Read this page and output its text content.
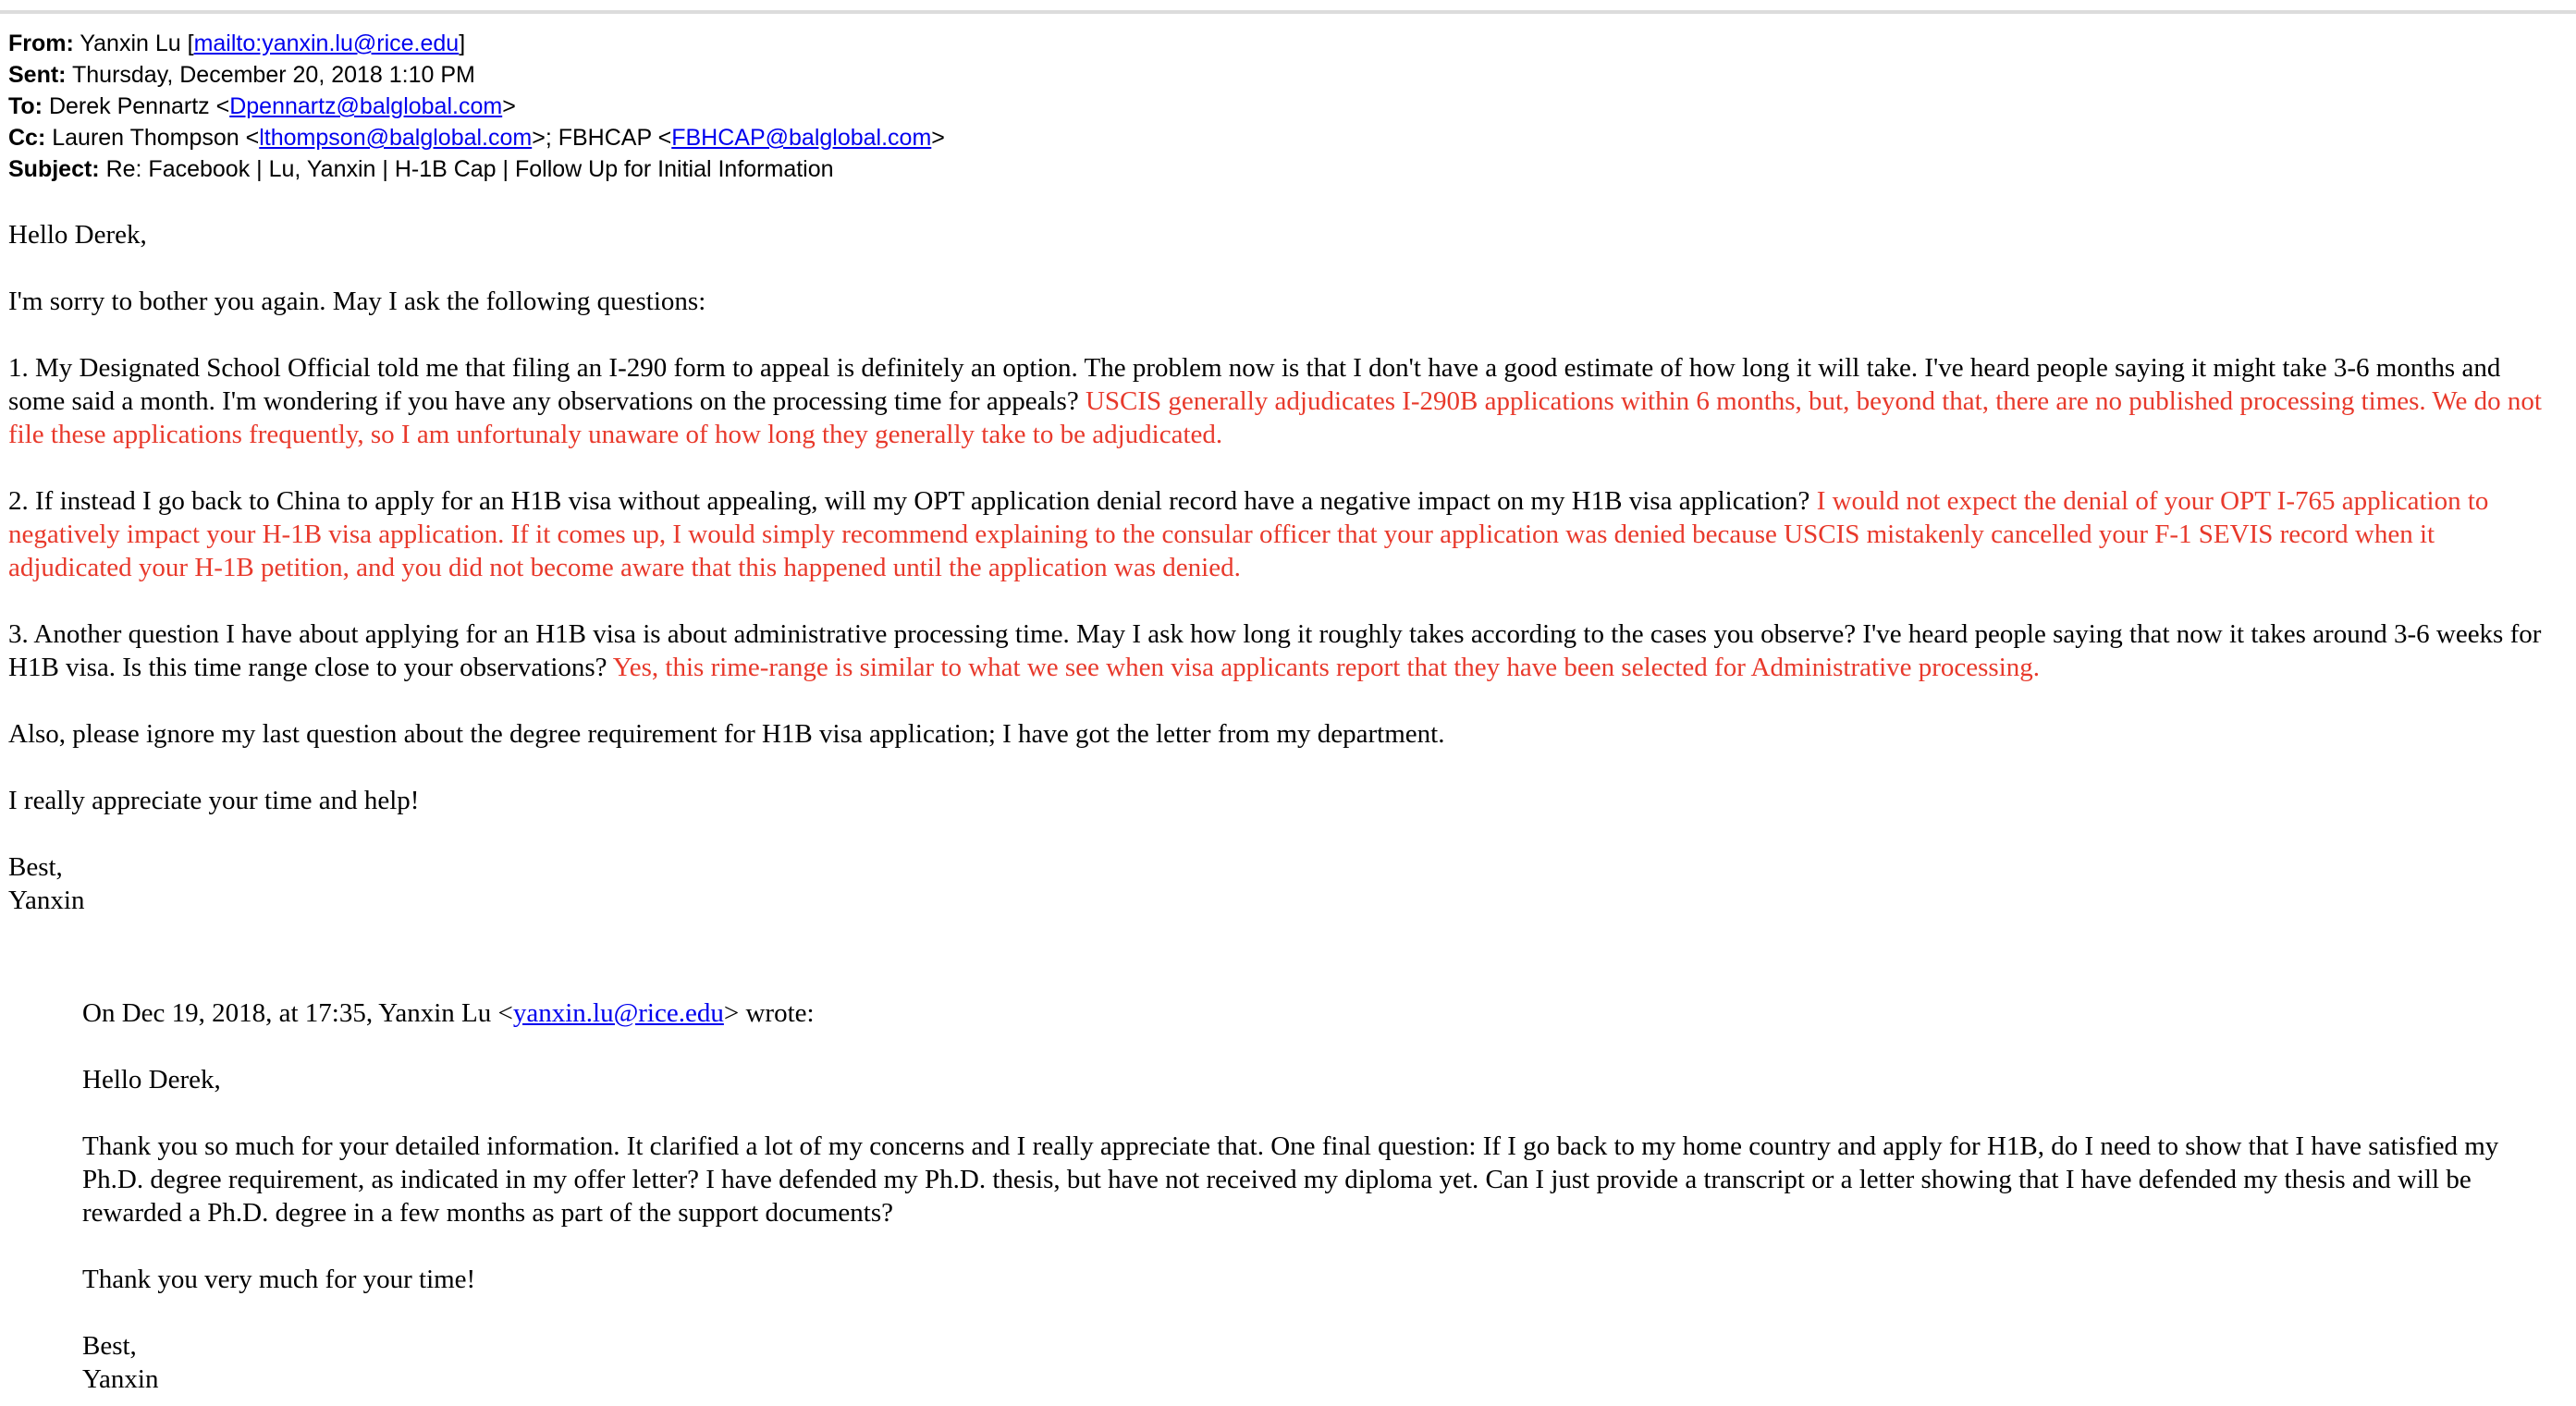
From: Yanxin Lu [mailto:yanxin.lu@rice.edu]
Sent: Thursday, December 20, 2018 1:10 PM
To: Derek Pennartz <Dpennartz@balglobal.com>
Cc: Lauren Thompson <lthompson@balglobal.com>; FBHCAP <FBHCAP@balglobal.com>
Subject: Re: Facebook | Lu, Yanxin | H-1B Cap | Follow Up for Initial Information

Hello Derek,

I'm sorry to bother you again. May I ask the following questions:

1. My Designated School Official told me that filing an I-290 form to appeal is definitely an option. The problem now is that I don't have a good estimate of how long it will take. I've heard people saying it might take 3-6 months and some said a month. I'm wondering if you have any observations on the processing time for appeals? USCIS generally adjudicates I-290B applications within 6 months, but, beyond that, there are no published processing times. We do not file these applications frequently, so I am unfortunaly unaware of how long they generally take to be adjudicated.

2. If instead I go back to China to apply for an H1B visa without appealing, will my OPT application denial record have a negative impact on my H1B visa application? I would not expect the denial of your OPT I-765 application to negatively impact your H-1B visa application. If it comes up, I would simply recommend explaining to the consular officer that your application was denied because USCIS mistakenly cancelled your F-1 SEVIS record when it adjudicated your H-1B petition, and you did not become aware that this happened until the application was denied.

3. Another question I have about applying for an H1B visa is about administrative processing time. May I ask how long it roughly takes according to the cases you observe? I've heard people saying that now it takes around 3-6 weeks for H1B visa. Is this time range close to your observations? Yes, this rime-range is similar to what we see when visa applicants report that they have been selected for Administrative processing.

Also, please ignore my last question about the degree requirement for H1B visa application; I have got the letter from my department.

I really appreciate your time and help!

Best,

Yanxin

On Dec 19, 2018, at 17:35, Yanxin Lu <yanxin.lu@rice.edu> wrote:

Hello Derek,

Thank you so much for your detailed information. It clarified a lot of my concerns and I really appreciate that. One final question: If I go back to my home country and apply for H1B, do I need to show that I have satisfied my Ph.D. degree requirement, as indicated in my offer letter? I have defended my Ph.D. thesis, but have not received my diploma yet. Can I just provide a transcript or a letter showing that I have defended my thesis and will be rewarded a Ph.D. degree in a few months as part of the support documents?

Thank you very much for your time!

Best,

Yanxin
